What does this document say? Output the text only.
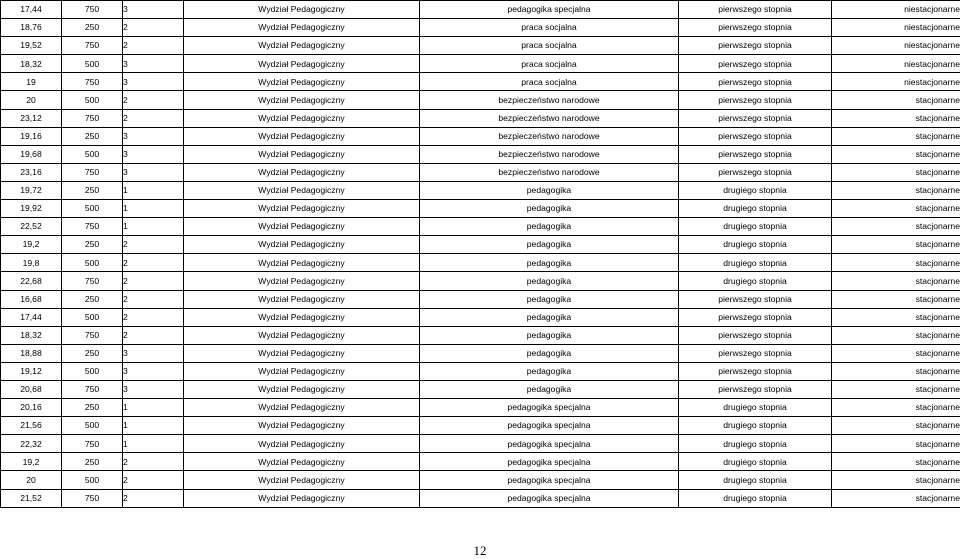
17,44	750	3	Wydział Pedagogiczny	pedagogika specjalna	pierwszego stopnia	niestacjonarne
18,76	250	2	Wydział Pedagogiczny	praca socjalna	pierwszego stopnia	niestacjonarne
19,52	750	2	Wydział Pedagogiczny	praca socjalna	pierwszego stopnia	niestacjonarne
18,32	500	3	Wydział Pedagogiczny	praca socjalna	pierwszego stopnia	niestacjonarne
19	750	3	Wydział Pedagogiczny	praca socjalna	pierwszego stopnia	niestacjonarne
20	500	2	Wydział Pedagogiczny	bezpieczeństwo narodowe	pierwszego stopnia	stacjonarne
23,12	750	2	Wydział Pedagogiczny	bezpieczeństwo narodowe	pierwszego stopnia	stacjonarne
19,16	250	3	Wydział Pedagogiczny	bezpieczeństwo narodowe	pierwszego stopnia	stacjonarne
19,68	500	3	Wydział Pedagogiczny	bezpieczeństwo narodowe	pierwszego stopnia	stacjonarne
23,16	750	3	Wydział Pedagogiczny	bezpieczeństwo narodowe	pierwszego stopnia	stacjonarne
19,72	250	1	Wydział Pedagogiczny	pedagogika	drugiego stopnia	stacjonarne
19,92	500	1	Wydział Pedagogiczny	pedagogika	drugiego stopnia	stacjonarne
22,52	750	1	Wydział Pedagogiczny	pedagogika	drugiego stopnia	stacjonarne
19,2	250	2	Wydział Pedagogiczny	pedagogika	drugiego stopnia	stacjonarne
19,8	500	2	Wydział Pedagogiczny	pedagogika	drugiego stopnia	stacjonarne
22,68	750	2	Wydział Pedagogiczny	pedagogika	drugiego stopnia	stacjonarne
16,68	250	2	Wydział Pedagogiczny	pedagogika	pierwszego stopnia	stacjonarne
17,44	500	2	Wydział Pedagogiczny	pedagogika	pierwszego stopnia	stacjonarne
18,32	750	2	Wydział Pedagogiczny	pedagogika	pierwszego stopnia	stacjonarne
18,88	250	3	Wydział Pedagogiczny	pedagogika	pierwszego stopnia	stacjonarne
19,12	500	3	Wydział Pedagogiczny	pedagogika	pierwszego stopnia	stacjonarne
20,68	750	3	Wydział Pedagogiczny	pedagogika	pierwszego stopnia	stacjonarne
20,16	250	1	Wydział Pedagogiczny	pedagogika specjalna	drugiego stopnia	stacjonarne
21,56	500	1	Wydział Pedagogiczny	pedagogika specjalna	drugiego stopnia	stacjonarne
22,32	750	1	Wydział Pedagogiczny	pedagogika specjalna	drugiego stopnia	stacjonarne
19,2	250	2	Wydział Pedagogiczny	pedagogika specjalna	drugiego stopnia	stacjonarne
20	500	2	Wydział Pedagogiczny	pedagogika specjalna	drugiego stopnia	stacjonarne
21,52	750	2	Wydział Pedagogiczny	pedagogika specjalna	drugiego stopnia	stacjonarne
12
